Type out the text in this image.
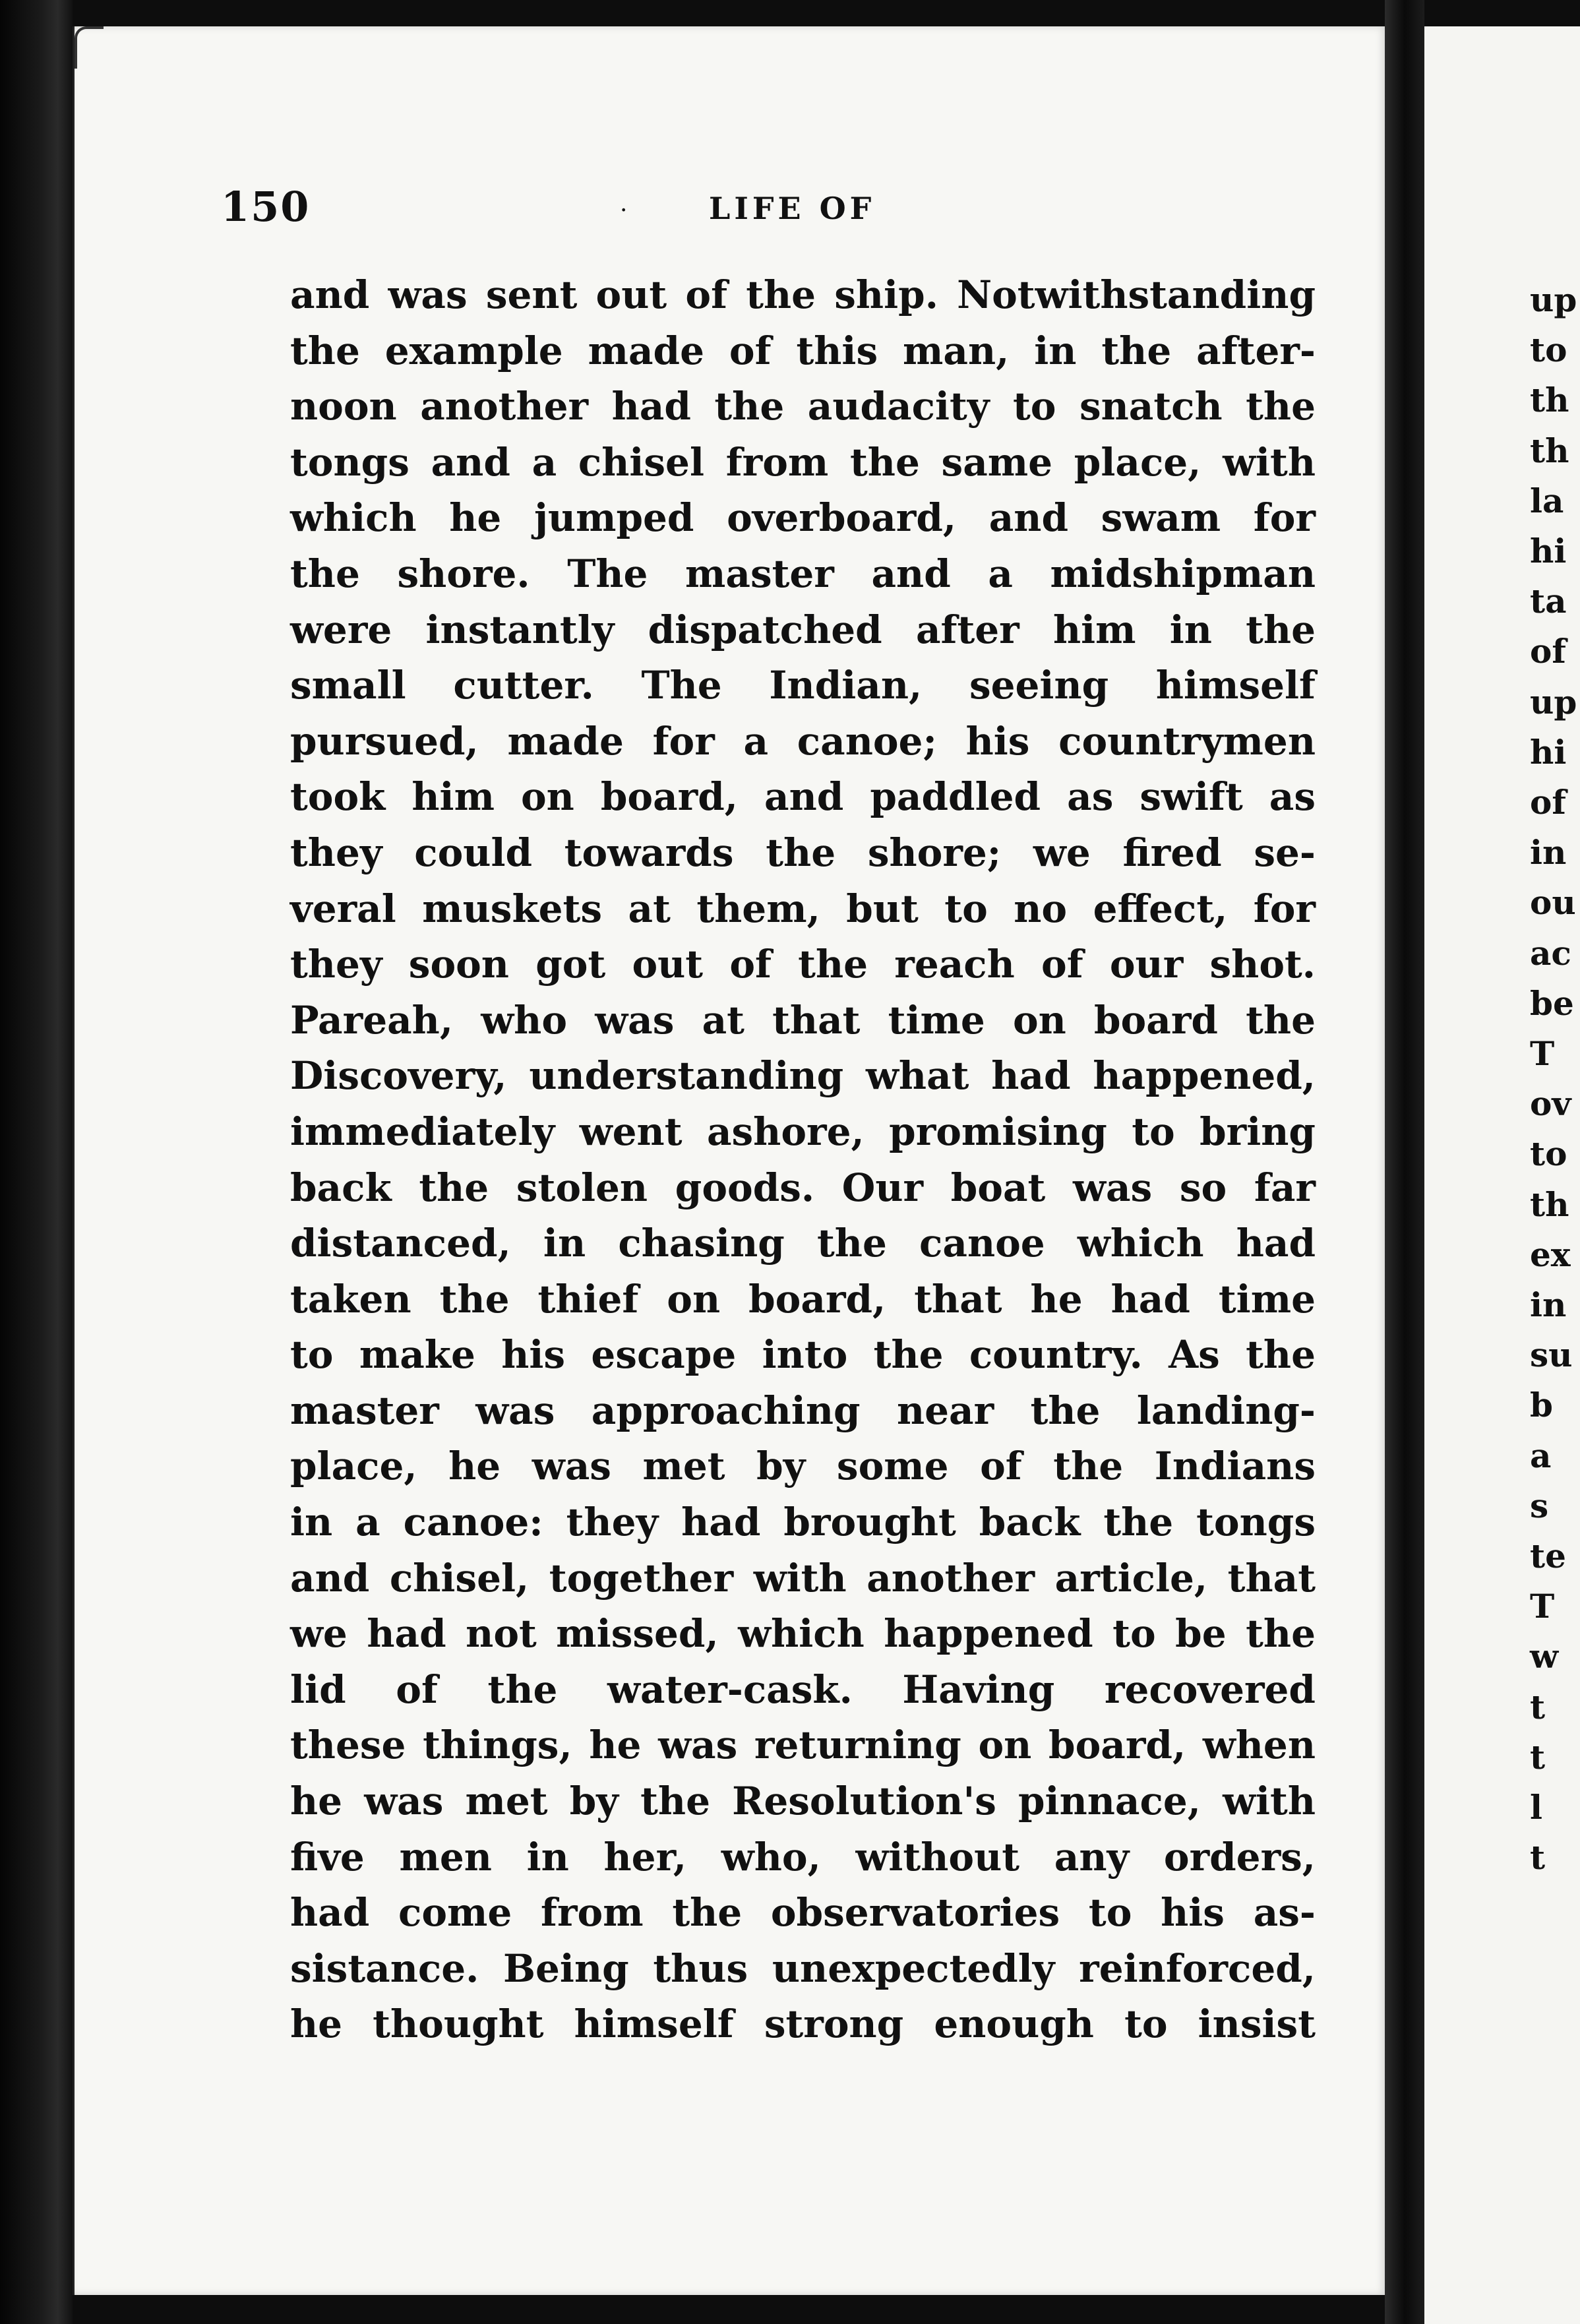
150	·	LIFE OF
and was sent out of the ship. Notwithstanding
the example made of this man, in the after-
noon another had the audacity to snatch the
tongs and a chisel from the same place, with
which he jumped overboard, and swam for
the shore. The master and a midshipman
were instantly dispatched after him in the
small cutter. The Indian, seeing himself
pursued, made for a canoe; his countrymen
took him on board, and paddled as swift as
they could towards the shore; we fired se-
veral muskets at them, but to no effect, for
they soon got out of the reach of our shot.
Pareah, who was at that time on board the
Discovery, understanding what had happened,
immediately went ashore, promising to bring
back the stolen goods. Our boat was so far
distanced, in chasing the canoe which had
taken the thief on board, that he had time
to make his escape into the country. As the
master was approaching near the landing-
place, he was met by some of the Indians
in a canoe: they had brought back the tongs
and chisel, together with another article, that
we had not missed, which happened to be the
lid of the water-cask. Having recovered
these things, he was returning on board, when
he was met by the Resolution's pinnace, with
five men in her, who, without any orders,
had come from the observatories to his as-
sistance. Being thus unexpectedly reinforced,
he thought himself strong enough to insist
up
to
th
th
la
hi
ta
of
up
hi
of
in
ou
ac
be
T
ov
to
th
ex
in
su
b
a
s
te
T
w
t
t
l
t
